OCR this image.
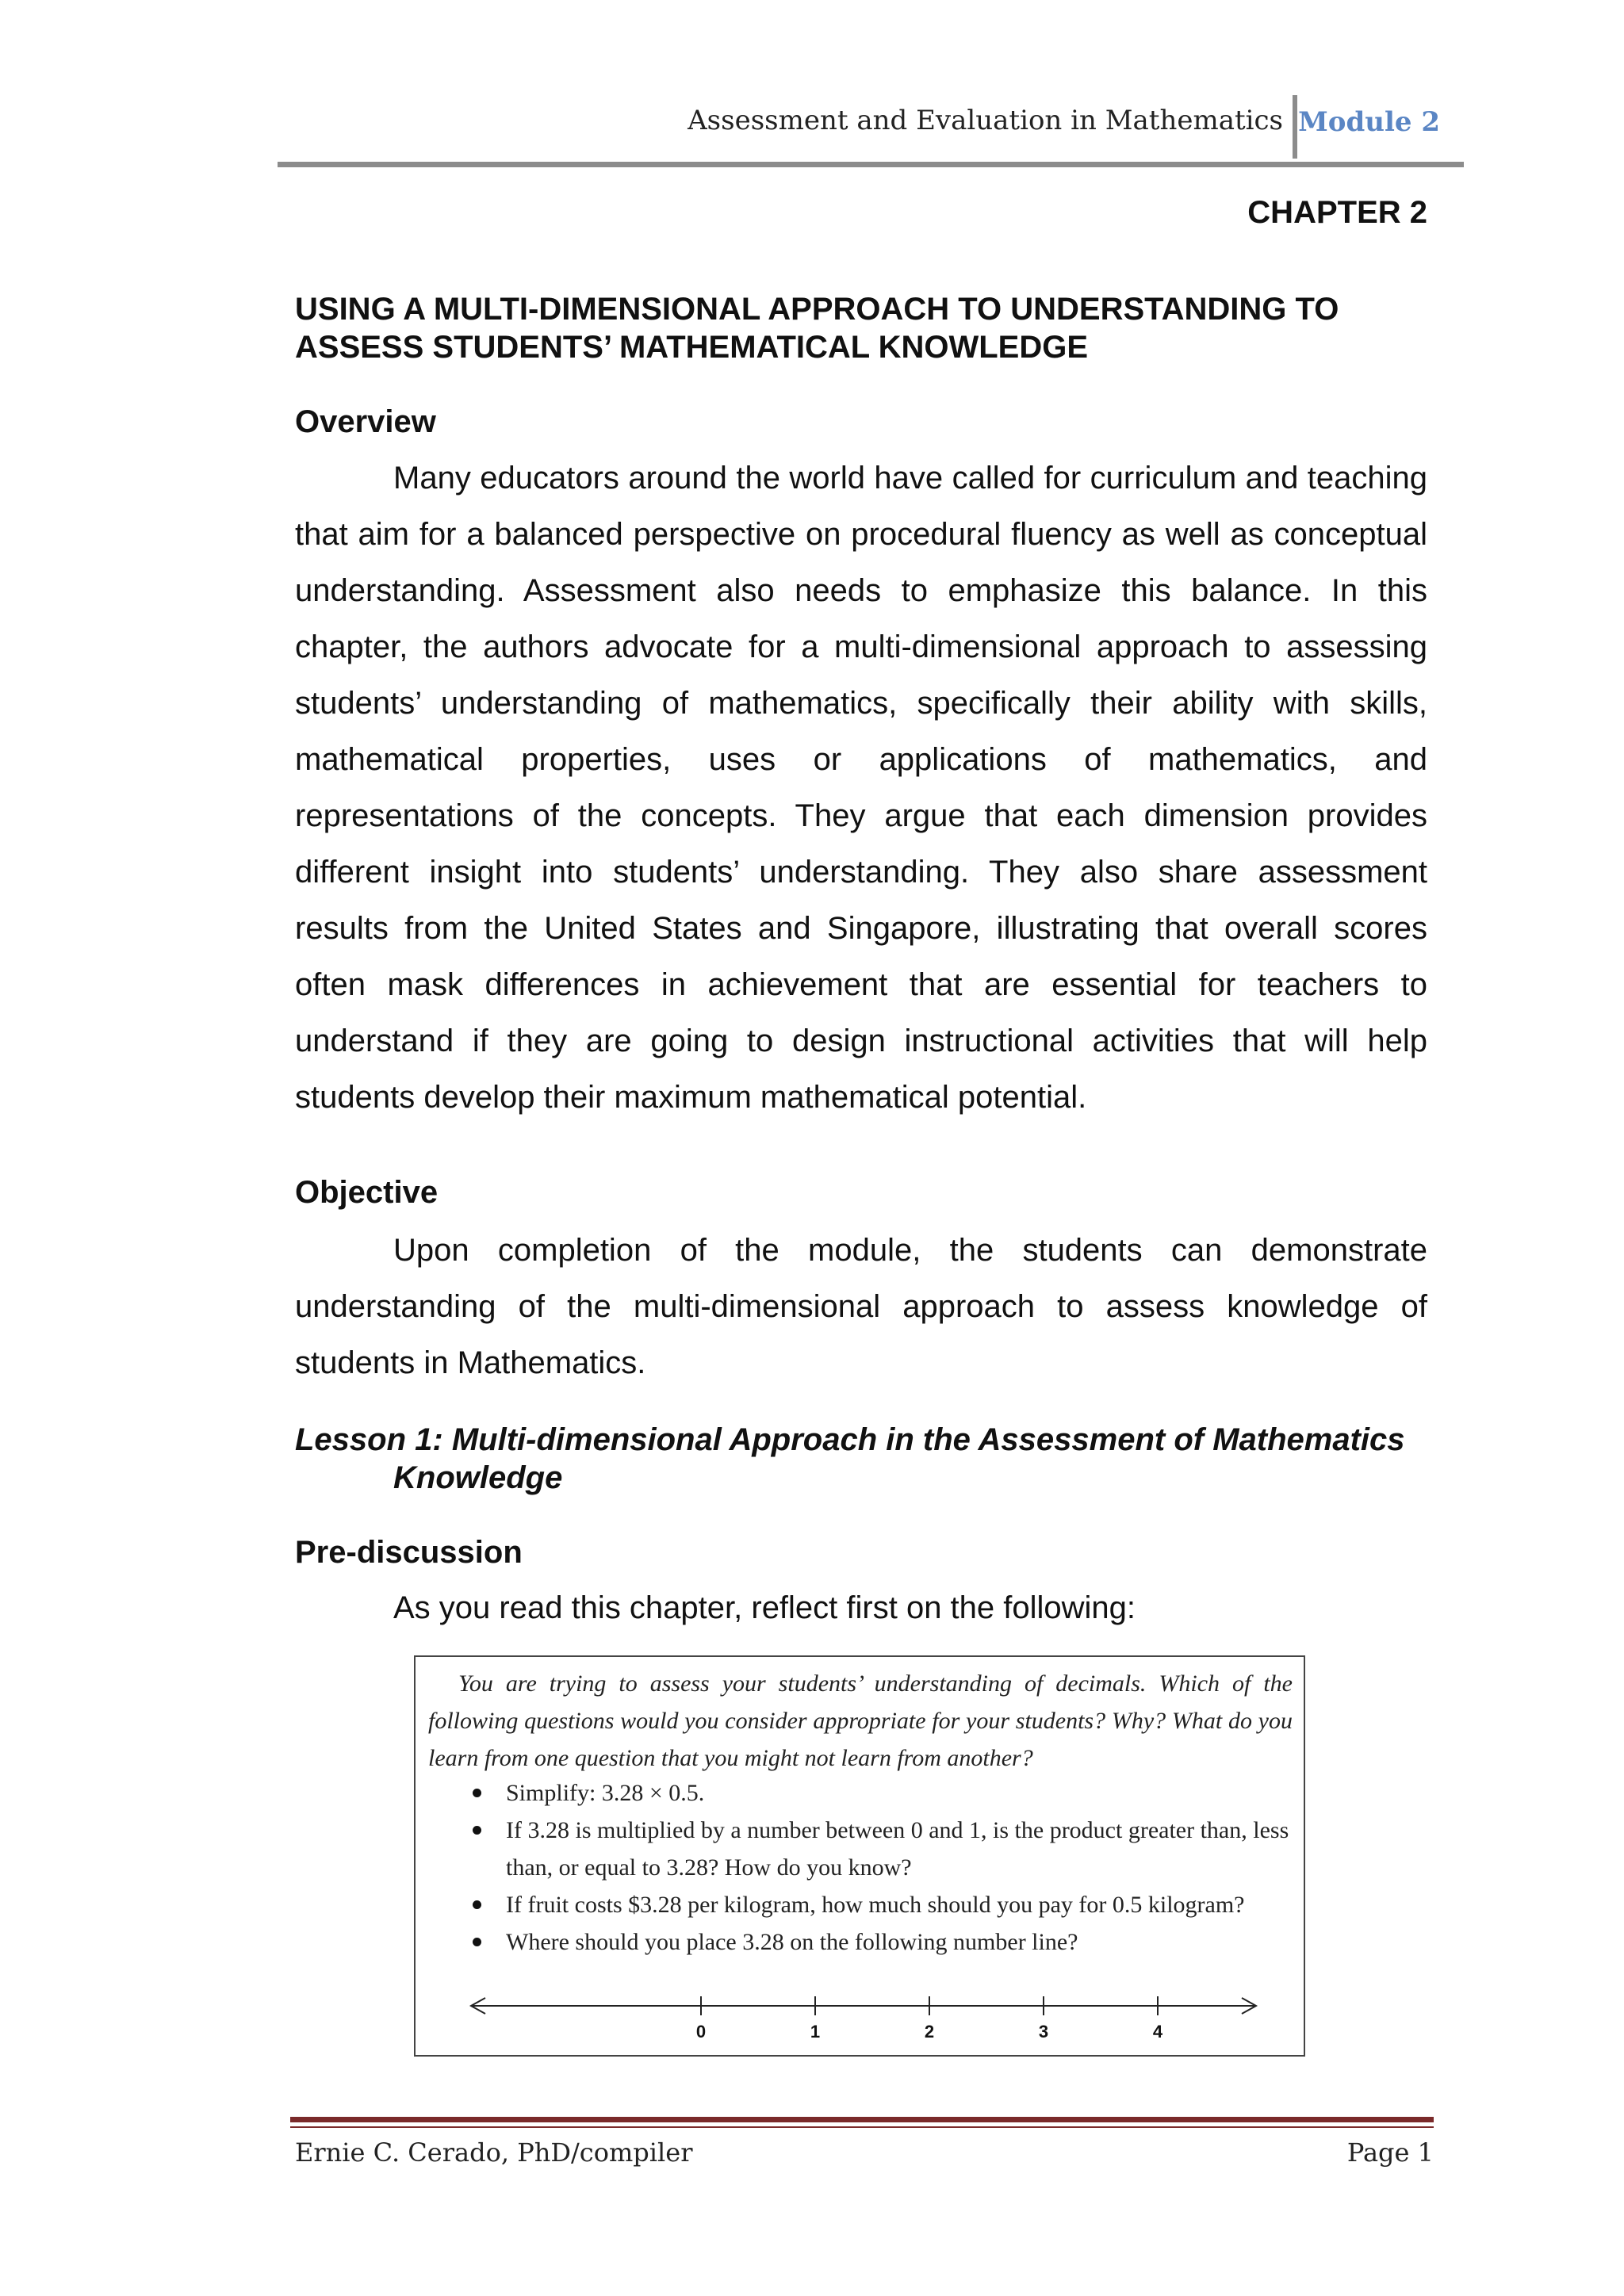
Assessment and Evaluation in Mathematics Module 2
CHAPTER 2
USING A MULTI-DIMENSIONAL APPROACH TO UNDERSTANDING TO ASSESS STUDENTS’ MATHEMATICAL KNOWLEDGE
Overview
Many educators around the world have called for curriculum and teaching that aim for a balanced perspective on procedural fluency as well as conceptual understanding. Assessment also needs to emphasize this balance. In this chapter, the authors advocate for a multi-dimensional approach to assessing students’ understanding of mathematics, specifically their ability with skills, mathematical properties, uses or applications of mathematics, and representations of the concepts. They argue that each dimension provides different insight into students’ understanding. They also share assessment results from the United States and Singapore, illustrating that overall scores often mask differences in achievement that are essential for teachers to understand if they are going to design instructional activities that will help students develop their maximum mathematical potential.
Objective
Upon completion of the module, the students can demonstrate understanding of the multi-dimensional approach to assess knowledge of students in Mathematics.
Lesson 1: Multi-dimensional Approach in the Assessment of Mathematics Knowledge
Pre-discussion
As you read this chapter, reflect first on the following:
You are trying to assess your students’ understanding of decimals. Which of the following questions would you consider appropriate for your students? Why? What do you learn from one question that you might not learn from another?
Simplify: 3.28 × 0.5.
If 3.28 is multiplied by a number between 0 and 1, is the product greater than, less than, or equal to 3.28? How do you know?
If fruit costs $3.28 per kilogram, how much should you pay for 0.5 kilogram?
Where should you place 3.28 on the following number line?
0	1	2	3	4
Ernie C. Cerado, PhD/compiler	Page 1
